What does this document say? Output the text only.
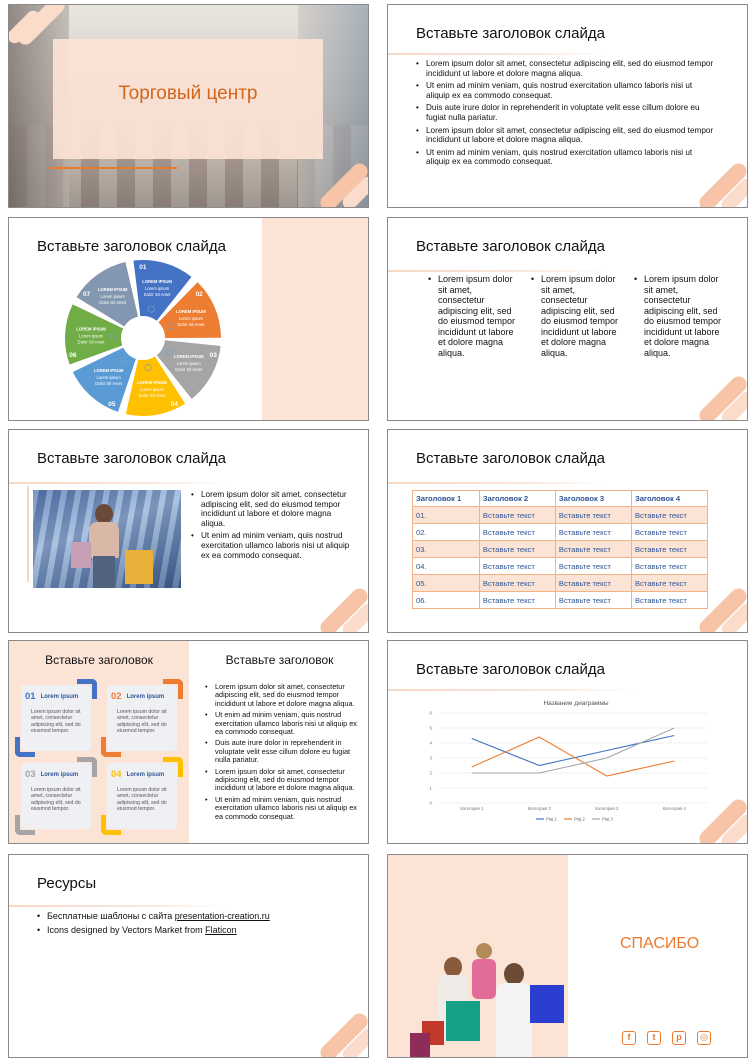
Торговый центр
Вставьте заголовок слайда
• Lorem ipsum dolor sit amet, consectetur adipiscing elit, sed do eiusmod tempor incididunt ut labore et dolore magna aliqua.
• Ut enim ad minim veniam, quis nostrud exercitation ullamco laboris nisi ut aliquip ex ea commodo consequat.
• Duis aute irure dolor in reprehenderit in voluptate velit esse cillum dolore eu fugiat nulla pariatur.
• Lorem ipsum dolor sit amet, consectetur adipiscing elit, sed do eiusmod tempor incididunt ut labore et dolore magna aliqua.
• Ut enim ad minim veniam, quis nostrud exercitation ullamco laboris nisi ut aliquip ex ea commodo consequat.
Вставьте заголовок слайда
01
LOREM IPSUM
Lorem ipsum
Dolor Sit Amet	02
LOREM IPSUM
Lorem ipsum
Dolor Sit Amet
03
LOREM IPSUM
Lorem ipsum
Dolor Sit Amet
04
LOREM IPSUM
Lorem ipsum
Dolor Sit Amet
05
LOREM IPSUM
Lorem ipsum
Dolor Sit Amet
06
LOREM IPSUM
Lorem ipsum
Dolor Sit Amet
07
LOREM IPSUM
Lorem ipsum
Dolor Sit Amet
Вставьте заголовок слайда
• Lorem ipsum dolor sit amet, consectetur adipiscing elit, sed do eiusmod tempor incididunt ut labore et dolore magna aliqua.
• Lorem ipsum dolor sit amet, consectetur adipiscing elit, sed do eiusmod tempor incididunt ut labore et dolore magna aliqua.
• Lorem ipsum dolor sit amet, consectetur adipiscing elit, sed do eiusmod tempor incididunt ut labore et dolore magna aliqua.
Вставьте заголовок слайда
• Lorem ipsum dolor sit amet, consectetur adipiscing elit, sed do eiusmod tempor incididunt ut labore et dolore magna aliqua.
• Ut enim ad minim veniam, quis nostrud exercitation ullamco laboris nisi ut aliquip ex ea commodo consequat.
Вставьте заголовок слайда
Заголовок 1	Заголовок 2	Заголовок 3	Заголовок 4
01.	Вставьте текст	Вставьте текст	Вставьте текст
02.	Вставьте текст	Вставьте текст	Вставьте текст
03.	Вставьте текст	Вставьте текст	Вставьте текст
04.	Вставьте текст	Вставьте текст	Вставьте текст
05.	Вставьте текст	Вставьте текст	Вставьте текст
06.	Вставьте текст	Вставьте текст	Вставьте текст
Вставьте заголовок	Вставьте заголовок
01 Lorem ipsum
Lorem ipsum dolor sit amet, consectetur adipiscing elit, sed do eiusmod tempor.
02 Lorem ipsum
Lorem ipsum dolor sit amet, consectetur adipiscing elit, sed do eiusmod tempor.
03 Lorem ipsum
Lorem ipsum dolor sit amet, consectetur adipiscing elit, sed do eiusmod tempor.
04 Lorem ipsum
Lorem ipsum dolor sit amet, consectetur adipiscing elit, sed do eiusmod tempor.
• Lorem ipsum dolor sit amet, consectetur adipiscing elit, sed do eiusmod tempor incididunt ut labore et dolore magna aliqua.
• Ut enim ad minim veniam, quis nostrud exercitation ullamco laboris nisi ut aliquip ex ea commodo consequat.
• Duis aute irure dolor in reprehenderit in voluptate velit esse cillum dolore eu fugiat nulla pariatur.
• Lorem ipsum dolor sit amet, consectetur adipiscing elit, sed do eiusmod tempor incididunt ut labore et dolore magna aliqua.
• Ut enim ad minim veniam, quis nostrud exercitation ullamco laboris nisi ut aliquip ex ea commodo consequat.
Вставьте заголовок слайда
Название диаграммы
0
1
2
3
4
5
6
Категория 1	Категория 2	Категория 3	Категория 4
Ряд 1	Ряд 2	Ряд 3
Ресурсы
• Бесплатные шаблоны с сайта presentation-creation.ru
• Icons designed by Vectors Market from Flaticon
СПАСИБО
f	t	p	◎
